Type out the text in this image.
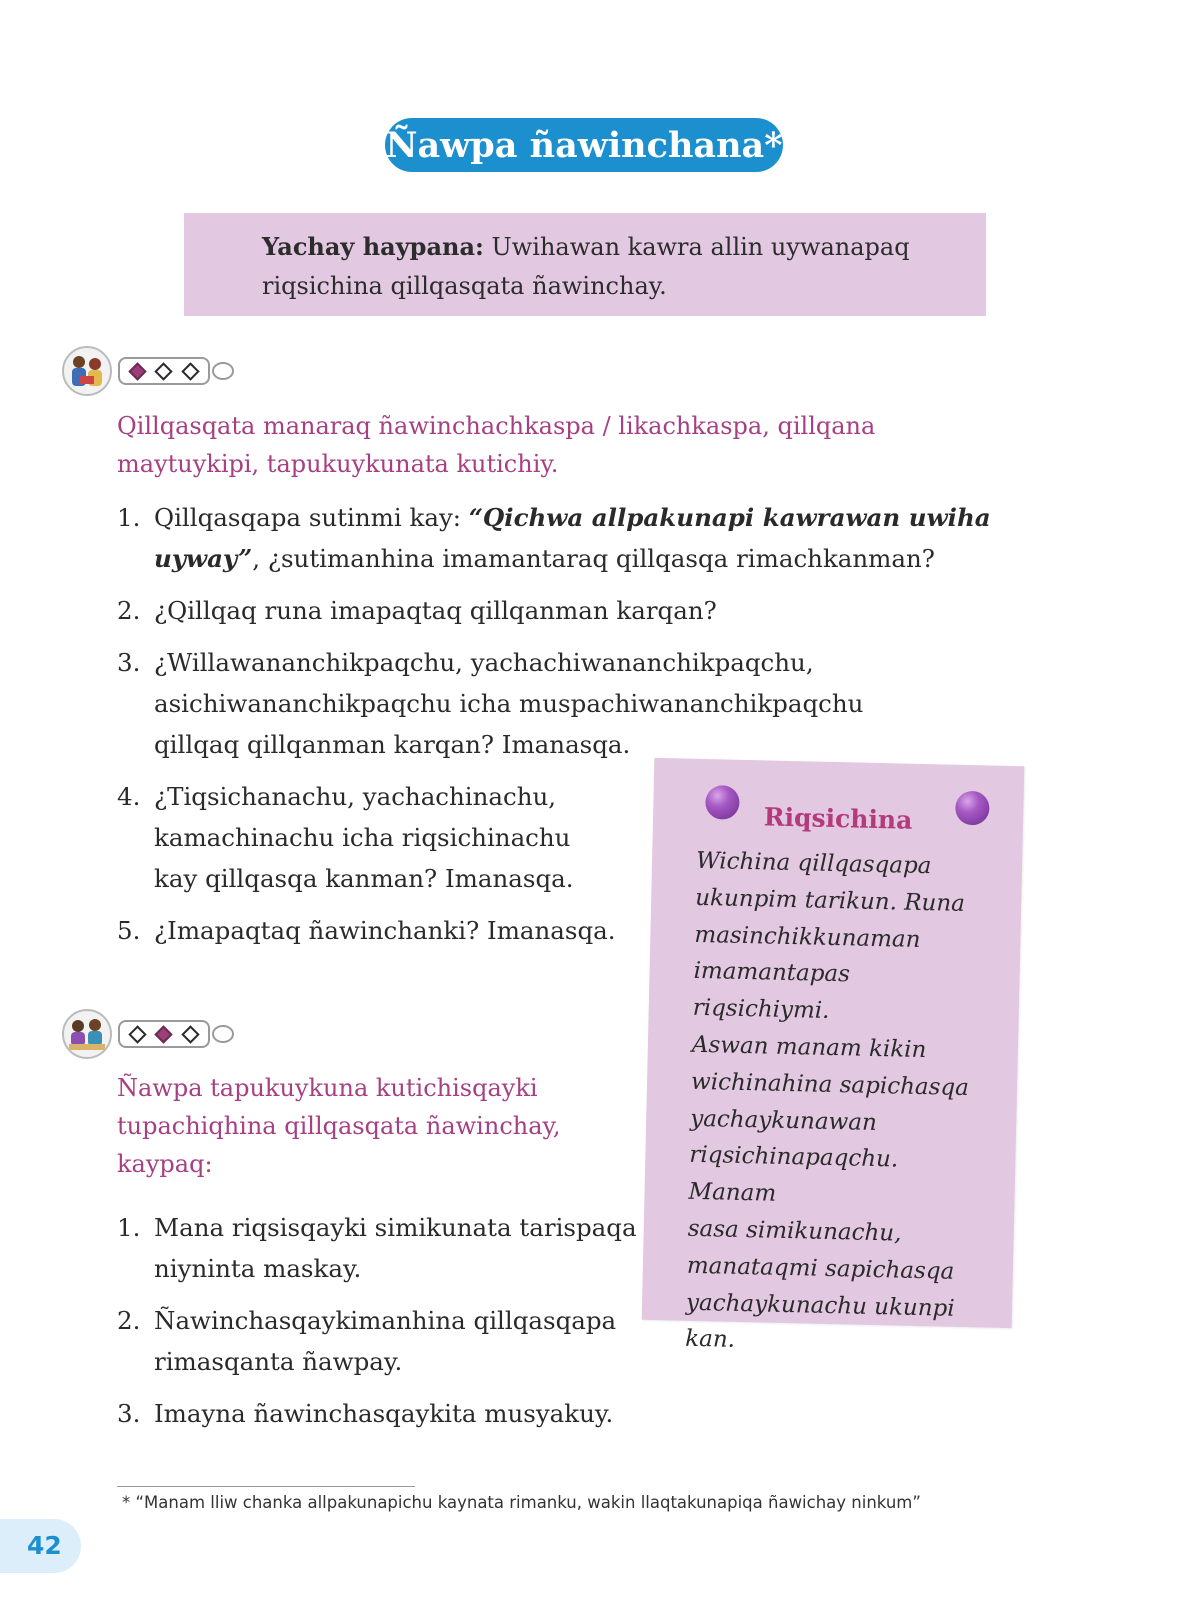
Ñawpa ñawinchana*
Yachay haypana: Uwihawan kawra allin uywanapaq riqsichina qillqasqata ñawinchay.
Qillqasqata manaraq ñawinchachkaspa / likachkaspa, qillqana maytuykipi, tapukuykunata kutichiy.
1. Qillqasqapa sutinmi kay: “Qichwa allpakunapi kawrawan uwiha uyway”, ¿sutimanhina imamantaraq qillqasqa rimachkanman?
2. ¿Qillqaq runa imapaqtaq qillqanman karqan?
3. ¿Willawananchikpaqchu, yachachiwananchikpaqchu, asichiwananchikpaqchu icha muspachiwananchikpaqchu qillqaq qillqanman karqan? Imanasqa.
4. ¿Tiqsichanachu, yachachinachu, kamachinachu icha riqsichinachu kay qillqasqa kanman? Imanasqa.
5. ¿Imapaqtaq ñawinchanki? Imanasqa.
Ñawpa tapukuykuna kutichisqayki tupachiqhina qillqasqata ñawinchay, kaypaq:
1. Mana riqsisqayki simikunata tarispaqa niyninta maskay.
2. Ñawinchasqaykimanhina qillqasqapa rimasqanta ñawpay.
3. Imayna ñawinchasqaykita musyakuy.
Riqsichina
Wichina qillqasqapa
ukunpim tarikun. Runa
masinchikkunaman
imamantapas riqsichiymi.
Aswan manam kikin
wichinahina sapichasqa
yachaykunawan
riqsichinapaqchu. Manam
sasa simikunachu,
manataqmi sapichasqa
yachaykunachu ukunpi
kan.
* “Manam lliw chanka allpakunapichu kaynata rimanku, wakin llaqtakunapiqa ñawichay ninkum”
42
